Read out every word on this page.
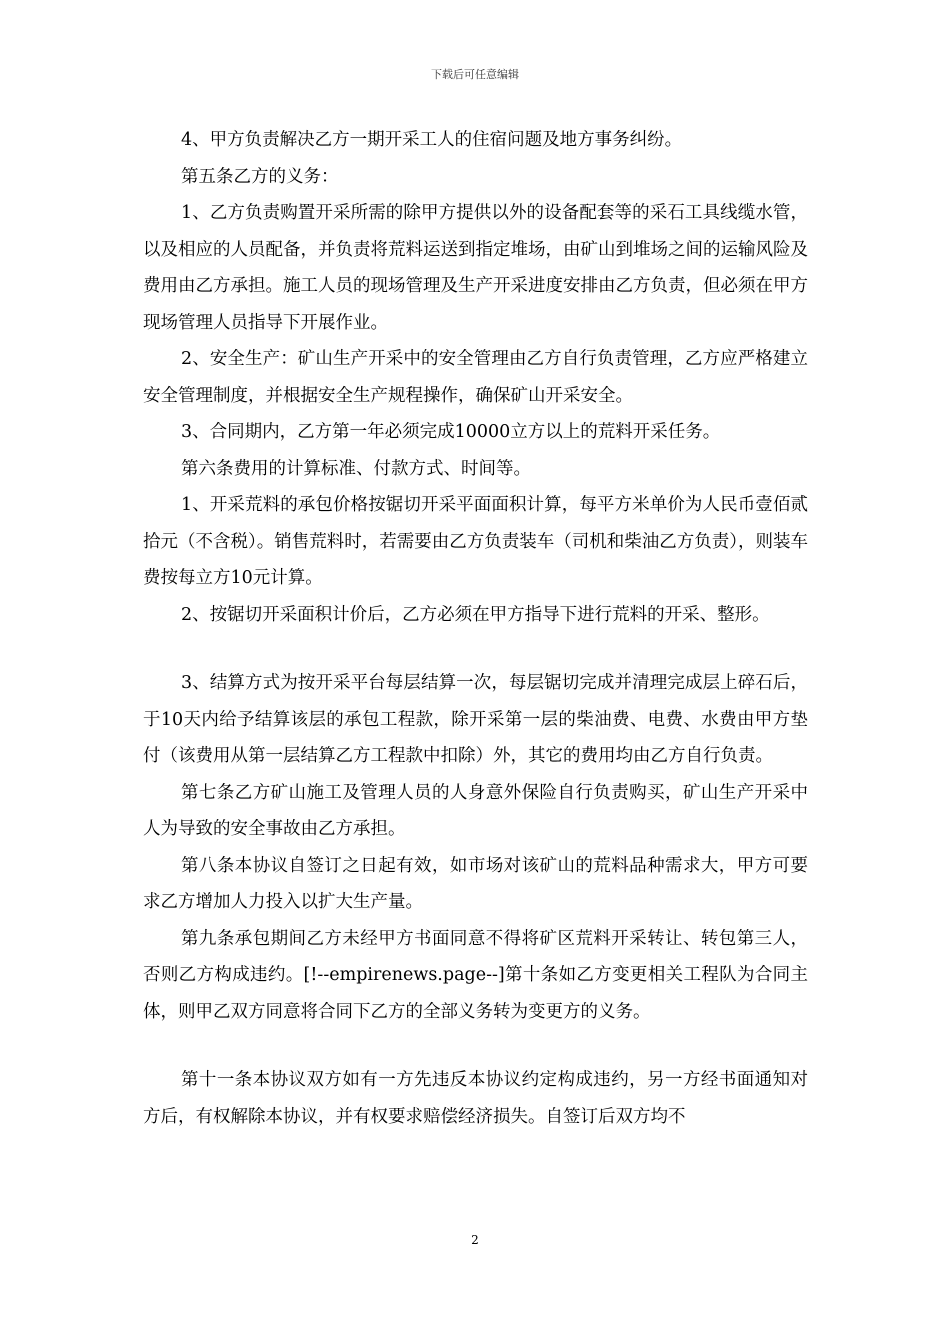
下载后可任意编辑

4、甲方负责解决乙方一期开采工人的住宿问题及地方事务纠纷。

第五条乙方的义务：

1、乙方负责购置开采所需的除甲方提供以外的设备配套等的采石工具线缆水管，以及相应的人员配备，并负责将荒料运送到指定堆场，由矿山到堆场之间的运输风险及费用由乙方承担。施工人员的现场管理及生产开采进度安排由乙方负责，但必须在甲方现场管理人员指导下开展作业。

2、安全生产：矿山生产开采中的安全管理由乙方自行负责管理，乙方应严格建立安全管理制度，并根据安全生产规程操作，确保矿山开采安全。

3、合同期内，乙方第一年必须完成10000立方以上的荒料开采任务。

第六条费用的计算标准、付款方式、时间等。

1、开采荒料的承包价格按锯切开采平面面积计算，每平方米单价为人民币壹佰贰拾元（不含税）。销售荒料时，若需要由乙方负责装车（司机和柴油乙方负责），则装车费按每立方10元计算。

2、按锯切开采面积计价后，乙方必须在甲方指导下进行荒料的开采、整形。

3、结算方式为按开采平台每层结算一次，每层锯切完成并清理完成层上碎石后，于10天内给予结算该层的承包工程款，除开采第一层的柴油费、电费、水费由甲方垫付（该费用从第一层结算乙方工程款中扣除）外，其它的费用均由乙方自行负责。

第七条乙方矿山施工及管理人员的人身意外保险自行负责购买，矿山生产开采中人为导致的安全事故由乙方承担。

第八条本协议自签订之日起有效，如市场对该矿山的荒料品种需求大，甲方可要求乙方增加人力投入以扩大生产量。

第九条承包期间乙方未经甲方书面同意不得将矿区荒料开采转让、转包第三人，否则乙方构成违约。[!--empirenews.page--]第十条如乙方变更相关工程队为合同主体，则甲乙双方同意将合同下乙方的全部义务转为变更方的义务。

第十一条本协议双方如有一方先违反本协议约定构成违约，另一方经书面通知对方后，有权解除本协议，并有权要求赔偿经济损失。自签订后双方均不

2
